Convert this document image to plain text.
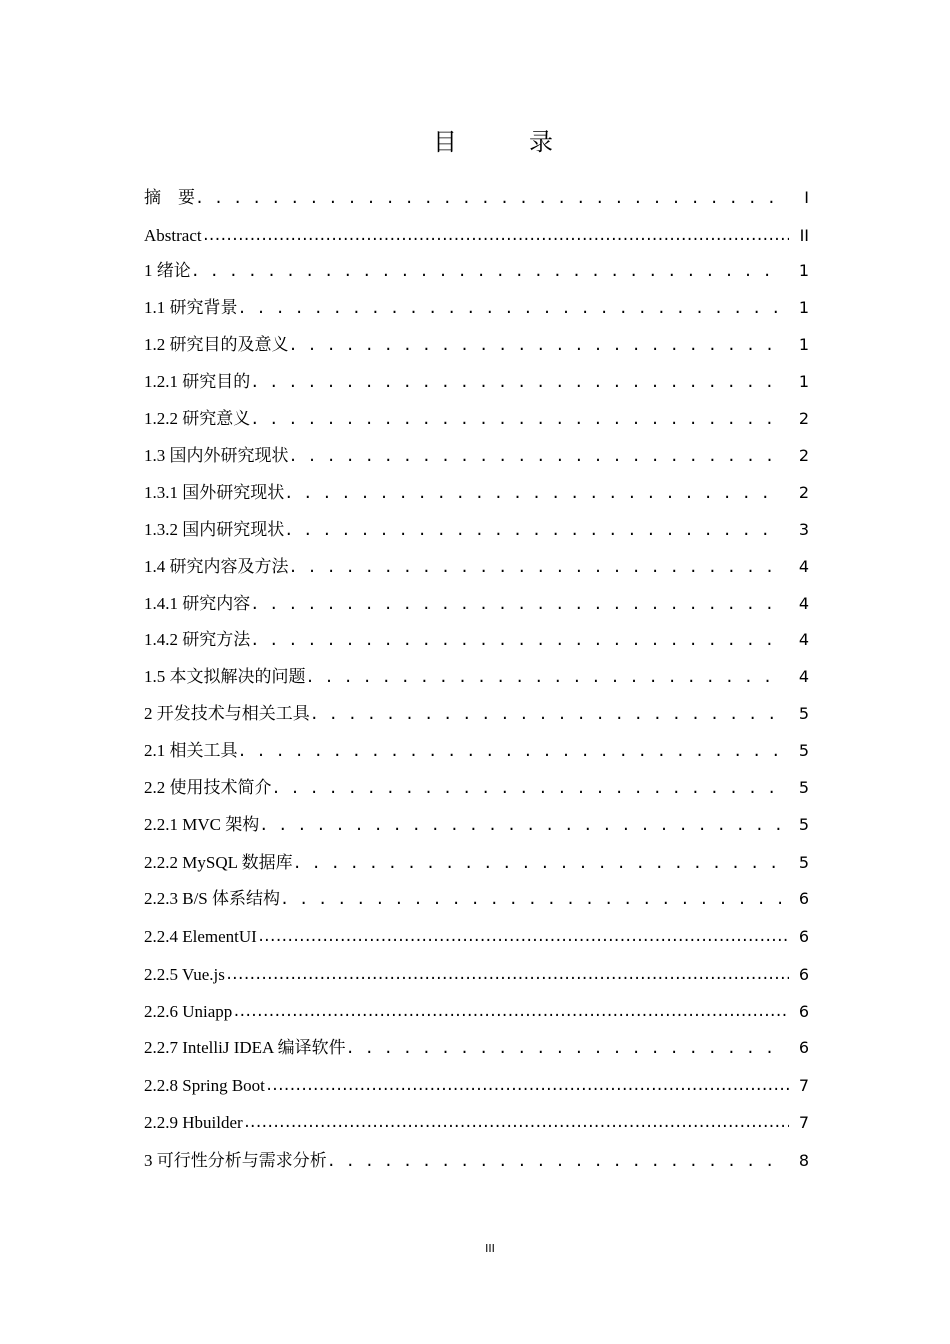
目　录
摘　要 . . .	I
Abstract .....	II
1 绪论 . . .	1
1.1 研究背景 . . .	1
1.2 研究目的及意义 . . .	1
1.2.1 研究目的 . . .	1
1.2.2 研究意义 . . .	2
1.3 国内外研究现状 . . .	2
1.3.1 国外研究现状 . . .	2
1.3.2 国内研究现状 . . .	3
1.4 研究内容及方法 . . .	4
1.4.1 研究内容 . . .	4
1.4.2 研究方法 . . .	4
1.5 本文拟解决的问题 . . .	4
2 开发技术与相关工具 . . .	5
2.1 相关工具 . . .	5
2.2 使用技术简介 . . .	5
2.2.1 MVC 架构 . . .	5
2.2.2 MySQL 数据库 . . .	5
2.2.3 B/S 体系结构 . . .	6
2.2.4 ElementUI .....	6
2.2.5 Vue.js .....	6
2.2.6 Uniapp .....	6
2.2.7 IntelliJ IDEA 编译软件 . . .	6
2.2.8 Spring Boot .....	7
2.2.9 Hbuilder .....	7
3 可行性分析与需求分析 . . .	8
III
